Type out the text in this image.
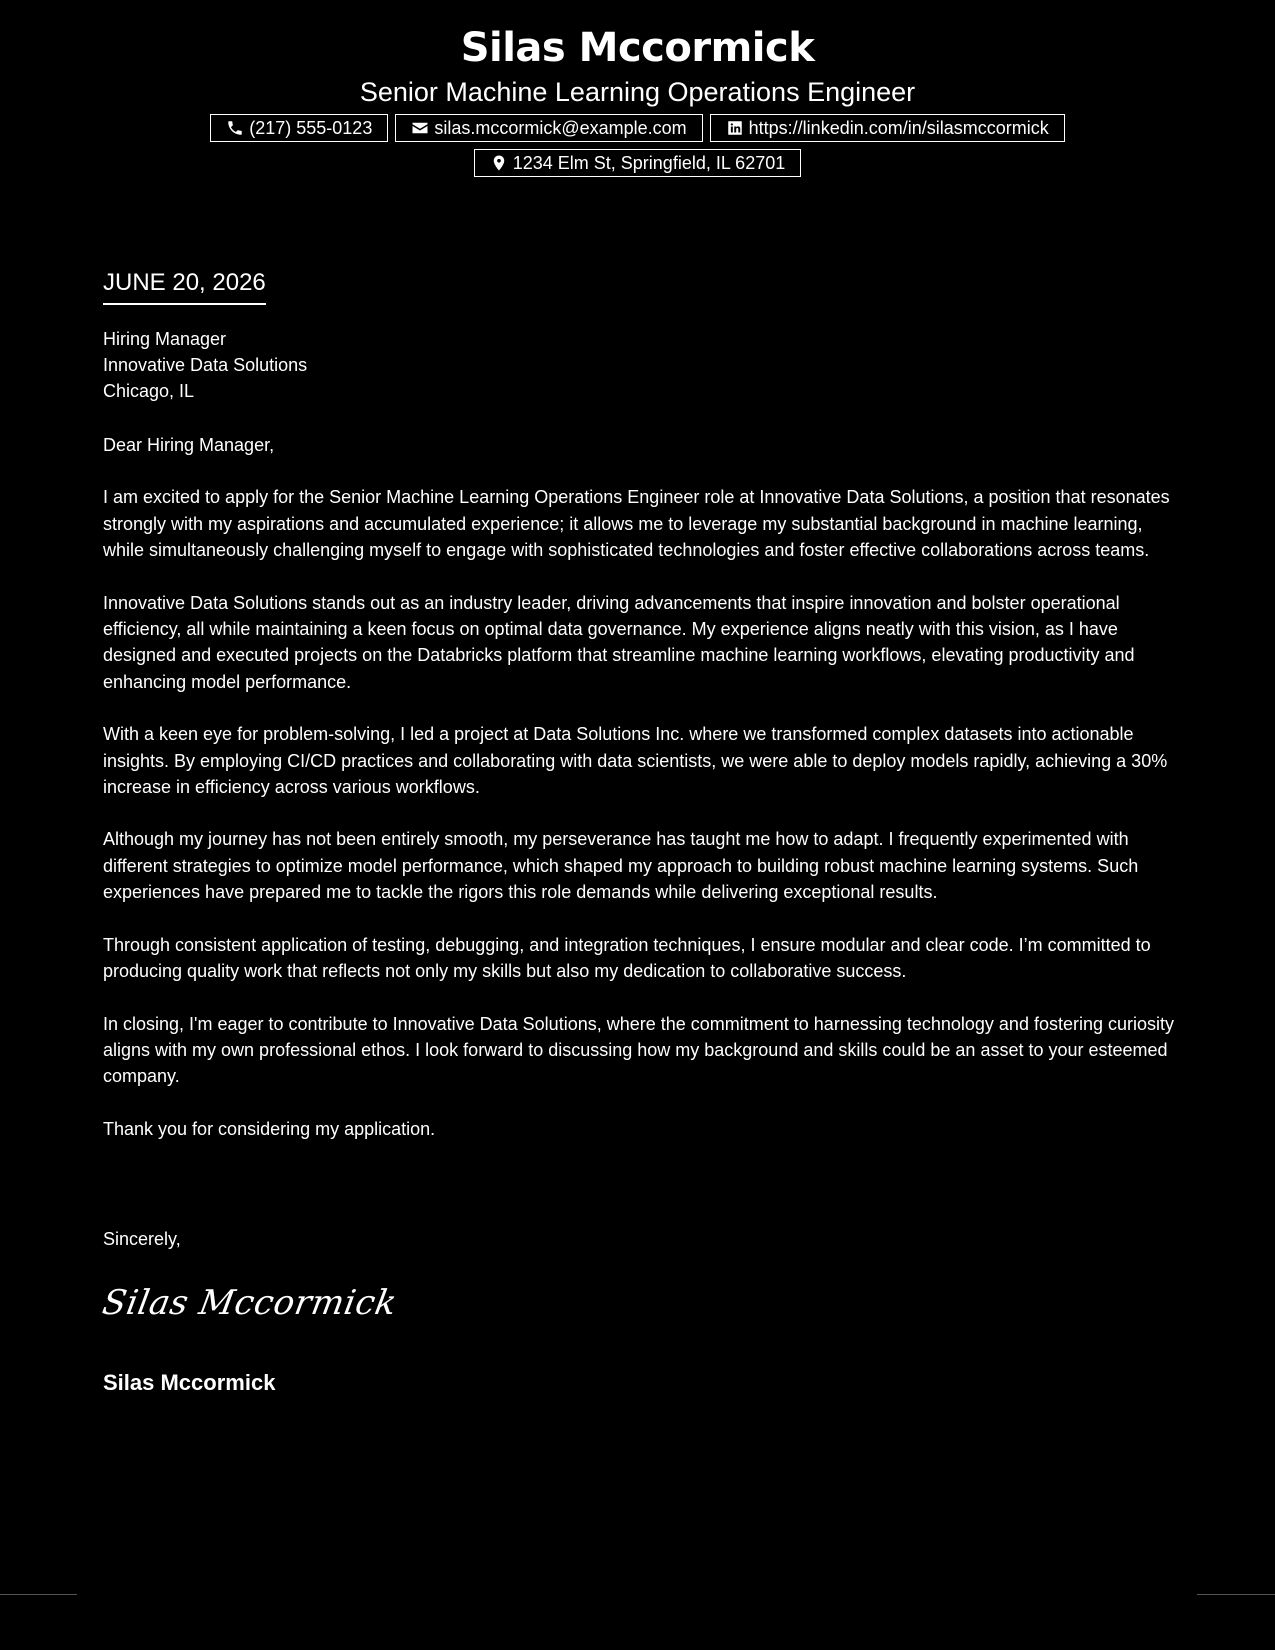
Silas Mccormick
Senior Machine Learning Operations Engineer
(217) 555-0123	silas.mccormick@example.com	https://linkedin.com/in/silasmccormick
1234 Elm St, Springfield, IL 62701
JUNE 20, 2026
Hiring Manager
Innovative Data Solutions
Chicago, IL

Dear Hiring Manager,

I am excited to apply for the Senior Machine Learning Operations Engineer role at Innovative Data Solutions, a position that resonates strongly with my aspirations and accumulated experience; it allows me to leverage my substantial background in machine learning, while simultaneously challenging myself to engage with sophisticated technologies and foster effective collaborations across teams.

Innovative Data Solutions stands out as an industry leader, driving advancements that inspire innovation and bolster operational efficiency, all while maintaining a keen focus on optimal data governance. My experience aligns neatly with this vision, as I have designed and executed projects on the Databricks platform that streamline machine learning workflows, elevating productivity and enhancing model performance.

With a keen eye for problem-solving, I led a project at Data Solutions Inc. where we transformed complex datasets into actionable insights. By employing CI/CD practices and collaborating with data scientists, we were able to deploy models rapidly, achieving a 30% increase in efficiency across various workflows.

Although my journey has not been entirely smooth, my perseverance has taught me how to adapt. I frequently experimented with different strategies to optimize model performance, which shaped my approach to building robust machine learning systems. Such experiences have prepared me to tackle the rigors this role demands while delivering exceptional results.

Through consistent application of testing, debugging, and integration techniques, I ensure modular and clear code. I’m committed to producing quality work that reflects not only my skills but also my dedication to collaborative success.

In closing, I'm eager to contribute to Innovative Data Solutions, where the commitment to harnessing technology and fostering curiosity aligns with my own professional ethos. I look forward to discussing how my background and skills could be an asset to your esteemed company.

Thank you for considering my application.

Sincerely,
Silas Mccormick
Silas Mccormick
